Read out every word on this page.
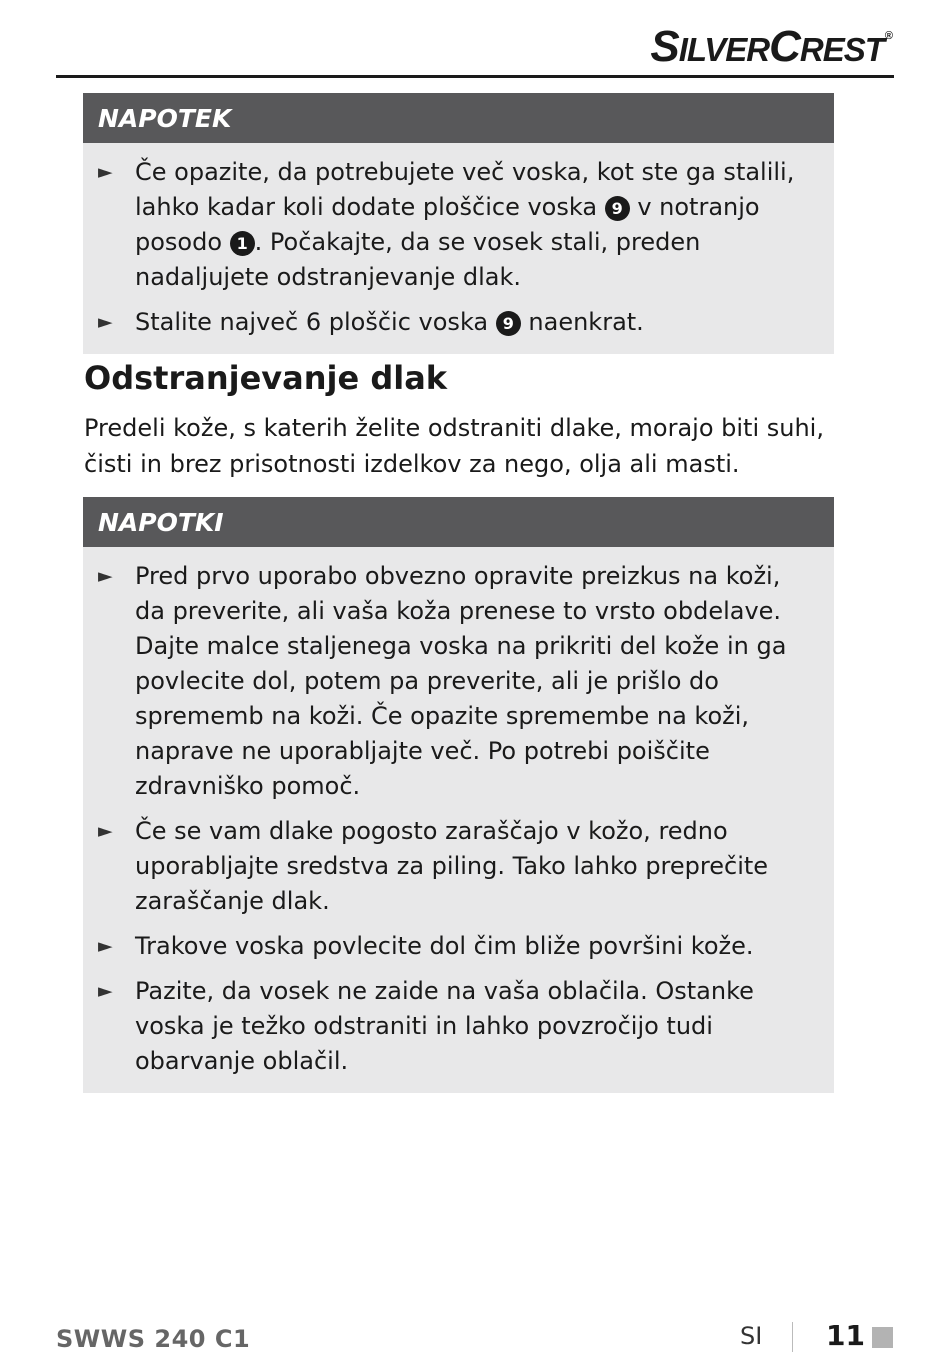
SILVERCREST®
NAPOTEK
► Če opazite, da potrebujete več voska, kot ste ga stalili, lahko kadar koli dodate ploščice voska 9 v notranjo posodo 1 . Počakajte, da se vosek stali, preden nadaljujete odstranjevanje dlak.
► Stalite največ 6 ploščic voska 9 naenkrat.
Odstranjevanje dlak

Predeli kože, s katerih želite odstraniti dlake, morajo biti suhi, čisti in brez prisotnosti izdelkov za nego, olja ali masti.

NAPOTKI
► Pred prvo uporabo obvezno opravite preizkus na koži, da preverite, ali vaša koža prenese to vrsto obdelave. Dajte malce staljenega voska na prikriti del kože in ga povlecite dol, potem pa preverite, ali je prišlo do sprememb na koži. Če opazite spremembe na koži, naprave ne uporabljajte več. Po potrebi poiščite zdravniško pomoč.
► Če se vam dlake pogosto zaraščajo v kožo, redno uporabljajte sredstva za piling. Tako lahko preprečite zaraščanje dlak.
► Trakove voska povlecite dol čim bliže površini kože.
► Pazite, da vosek ne zaide na vaša oblačila. Ostanke voska je težko odstraniti in lahko povzročijo tudi obarvanje oblačil.
SWWS 240 C1	SI 11
